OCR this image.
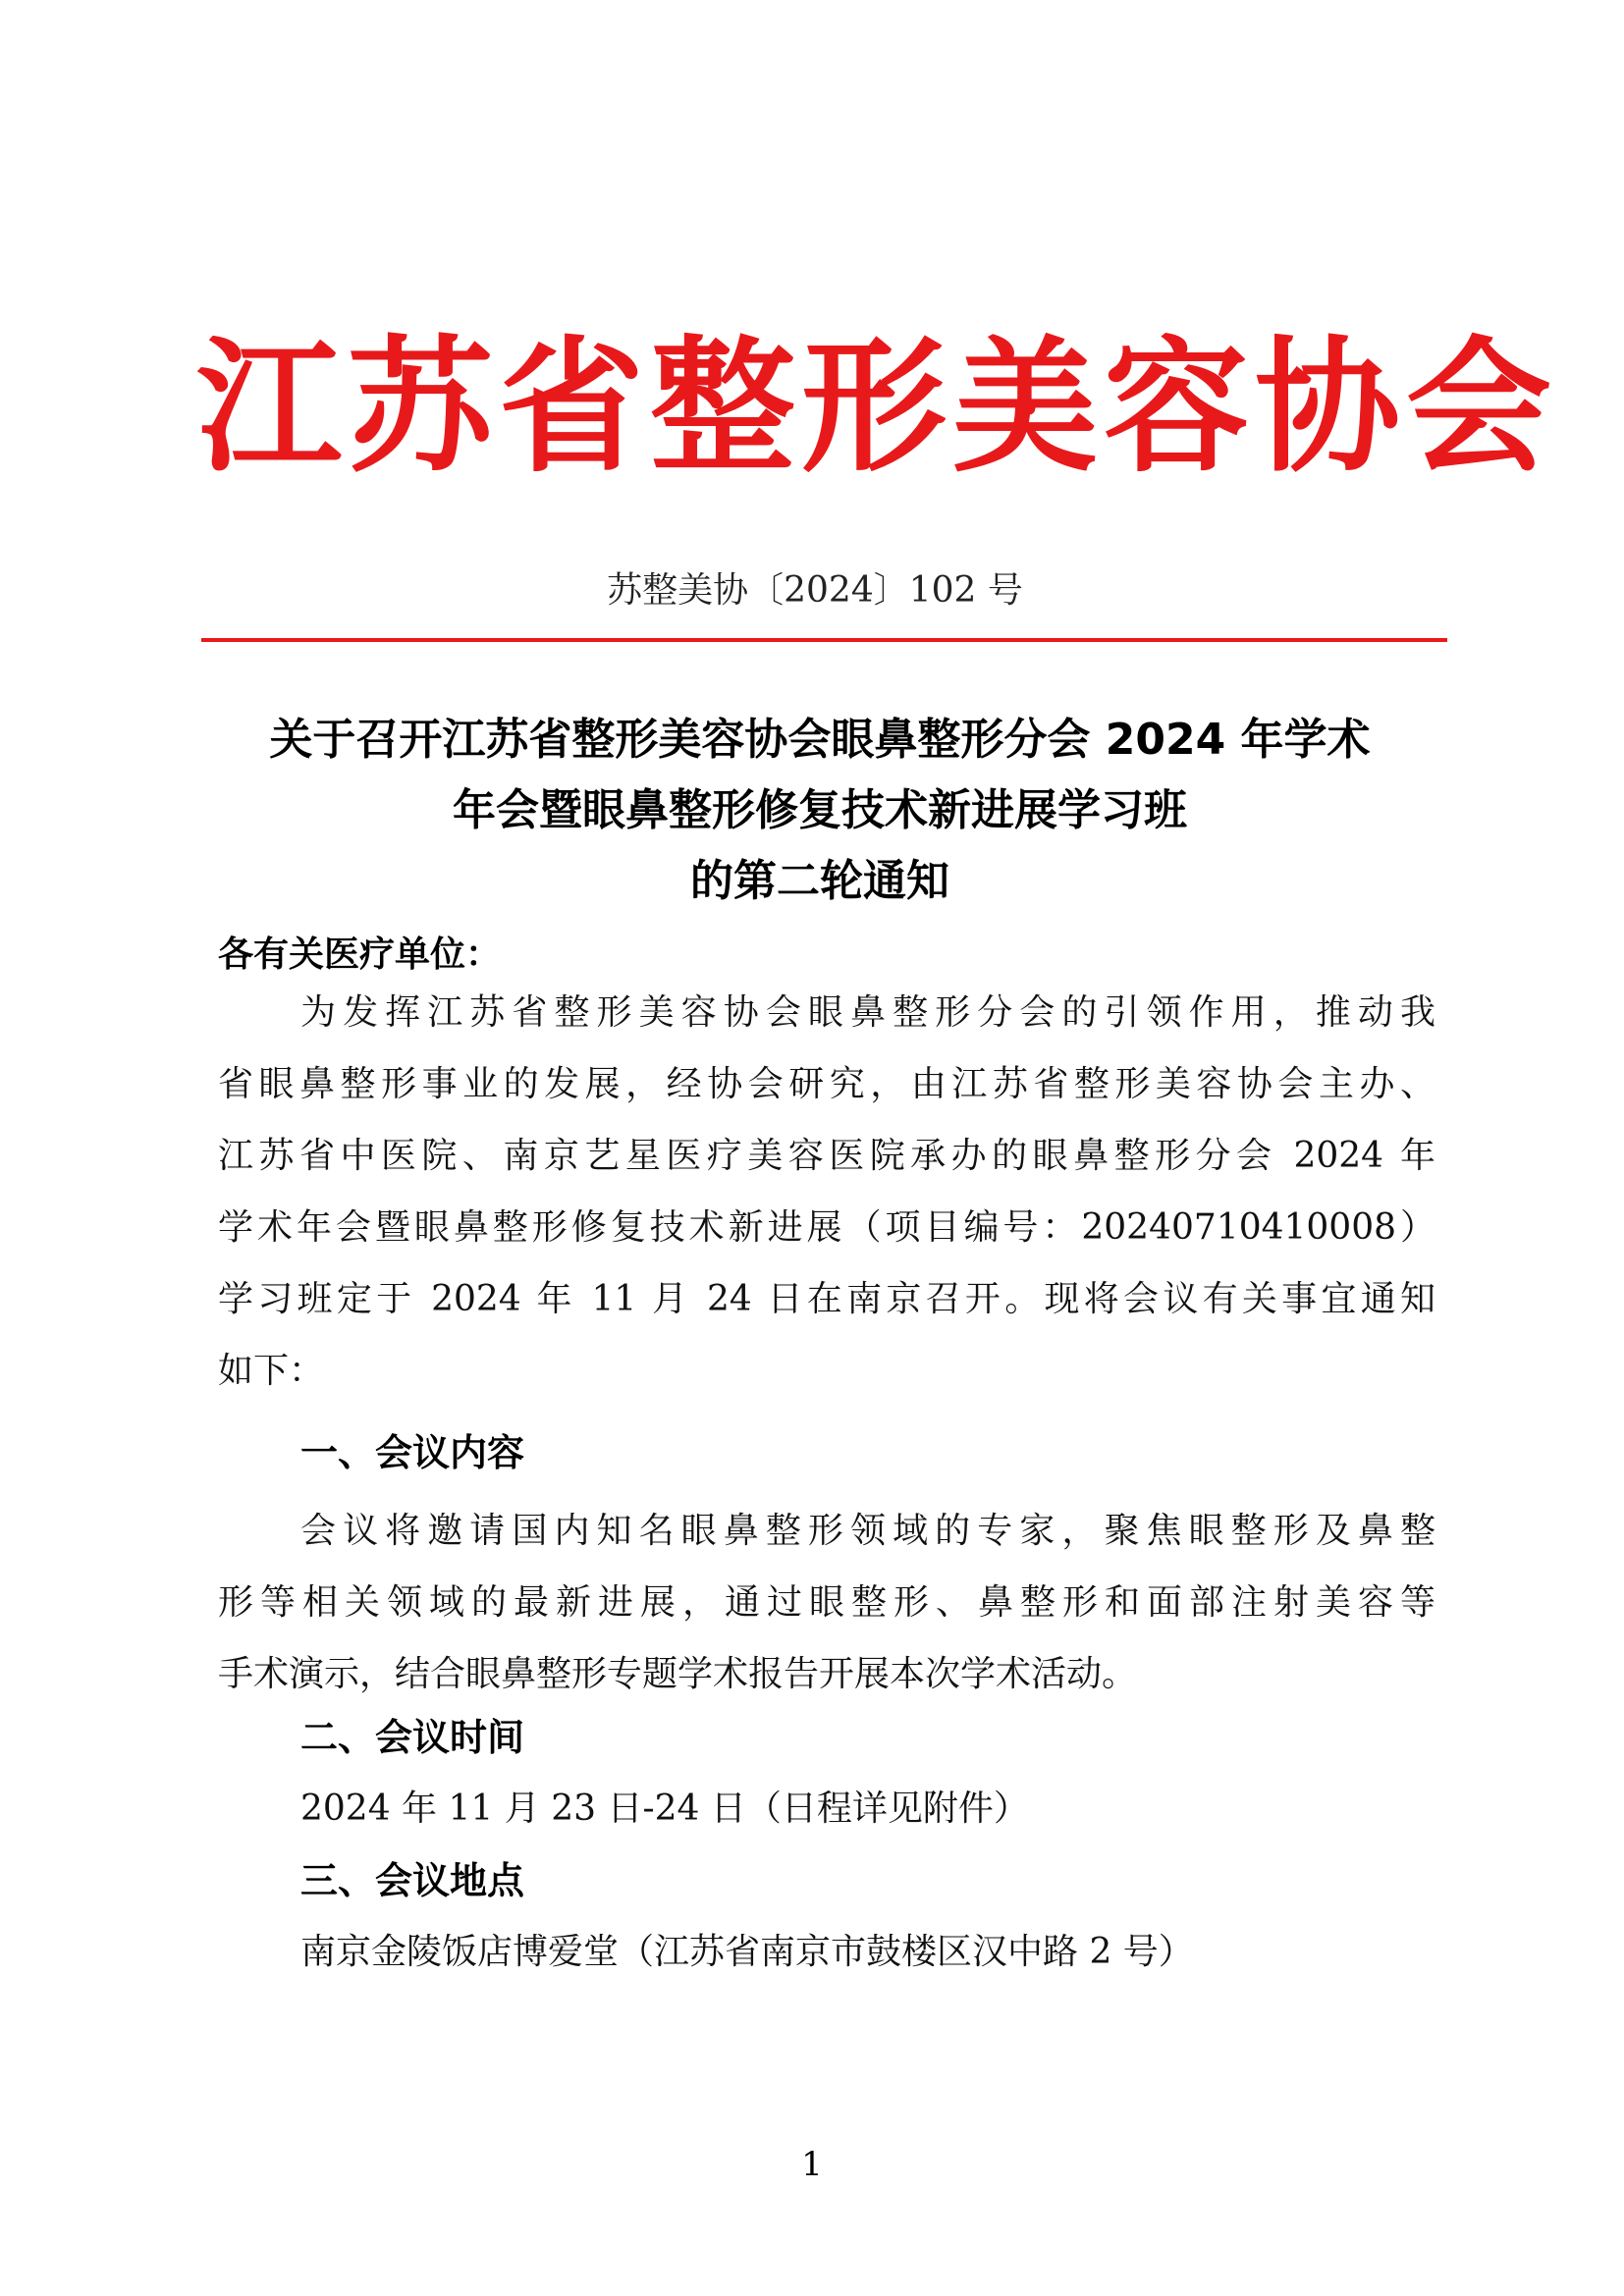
江苏省整形美容协会
苏整美协〔2024〕102 号
关于召开江苏省整形美容协会眼鼻整形分会 2024 年学术
年会暨眼鼻整形修复技术新进展学习班
的第二轮通知
各有关医疗单位：
为发挥江苏省整形美容协会眼鼻整形分会的引领作用，推动我
省眼鼻整形事业的发展，经协会研究，由江苏省整形美容协会主办、
江苏省中医院、南京艺星医疗美容医院承办的眼鼻整形分会 2024 年
学术年会暨眼鼻整形修复技术新进展（项目编号：20240710410008）
学习班定于 2024 年 11 月 24 日在南京召开。现将会议有关事宜通知
如下：
一、会议内容
会议将邀请国内知名眼鼻整形领域的专家，聚焦眼整形及鼻整
形等相关领域的最新进展，通过眼整形、鼻整形和面部注射美容等
手术演示，结合眼鼻整形专题学术报告开展本次学术活动。
二、会议时间
2024 年 11 月 23 日-24 日（日程详见附件）
三、会议地点
南京金陵饭店博爱堂（江苏省南京市鼓楼区汉中路 2 号）
1
